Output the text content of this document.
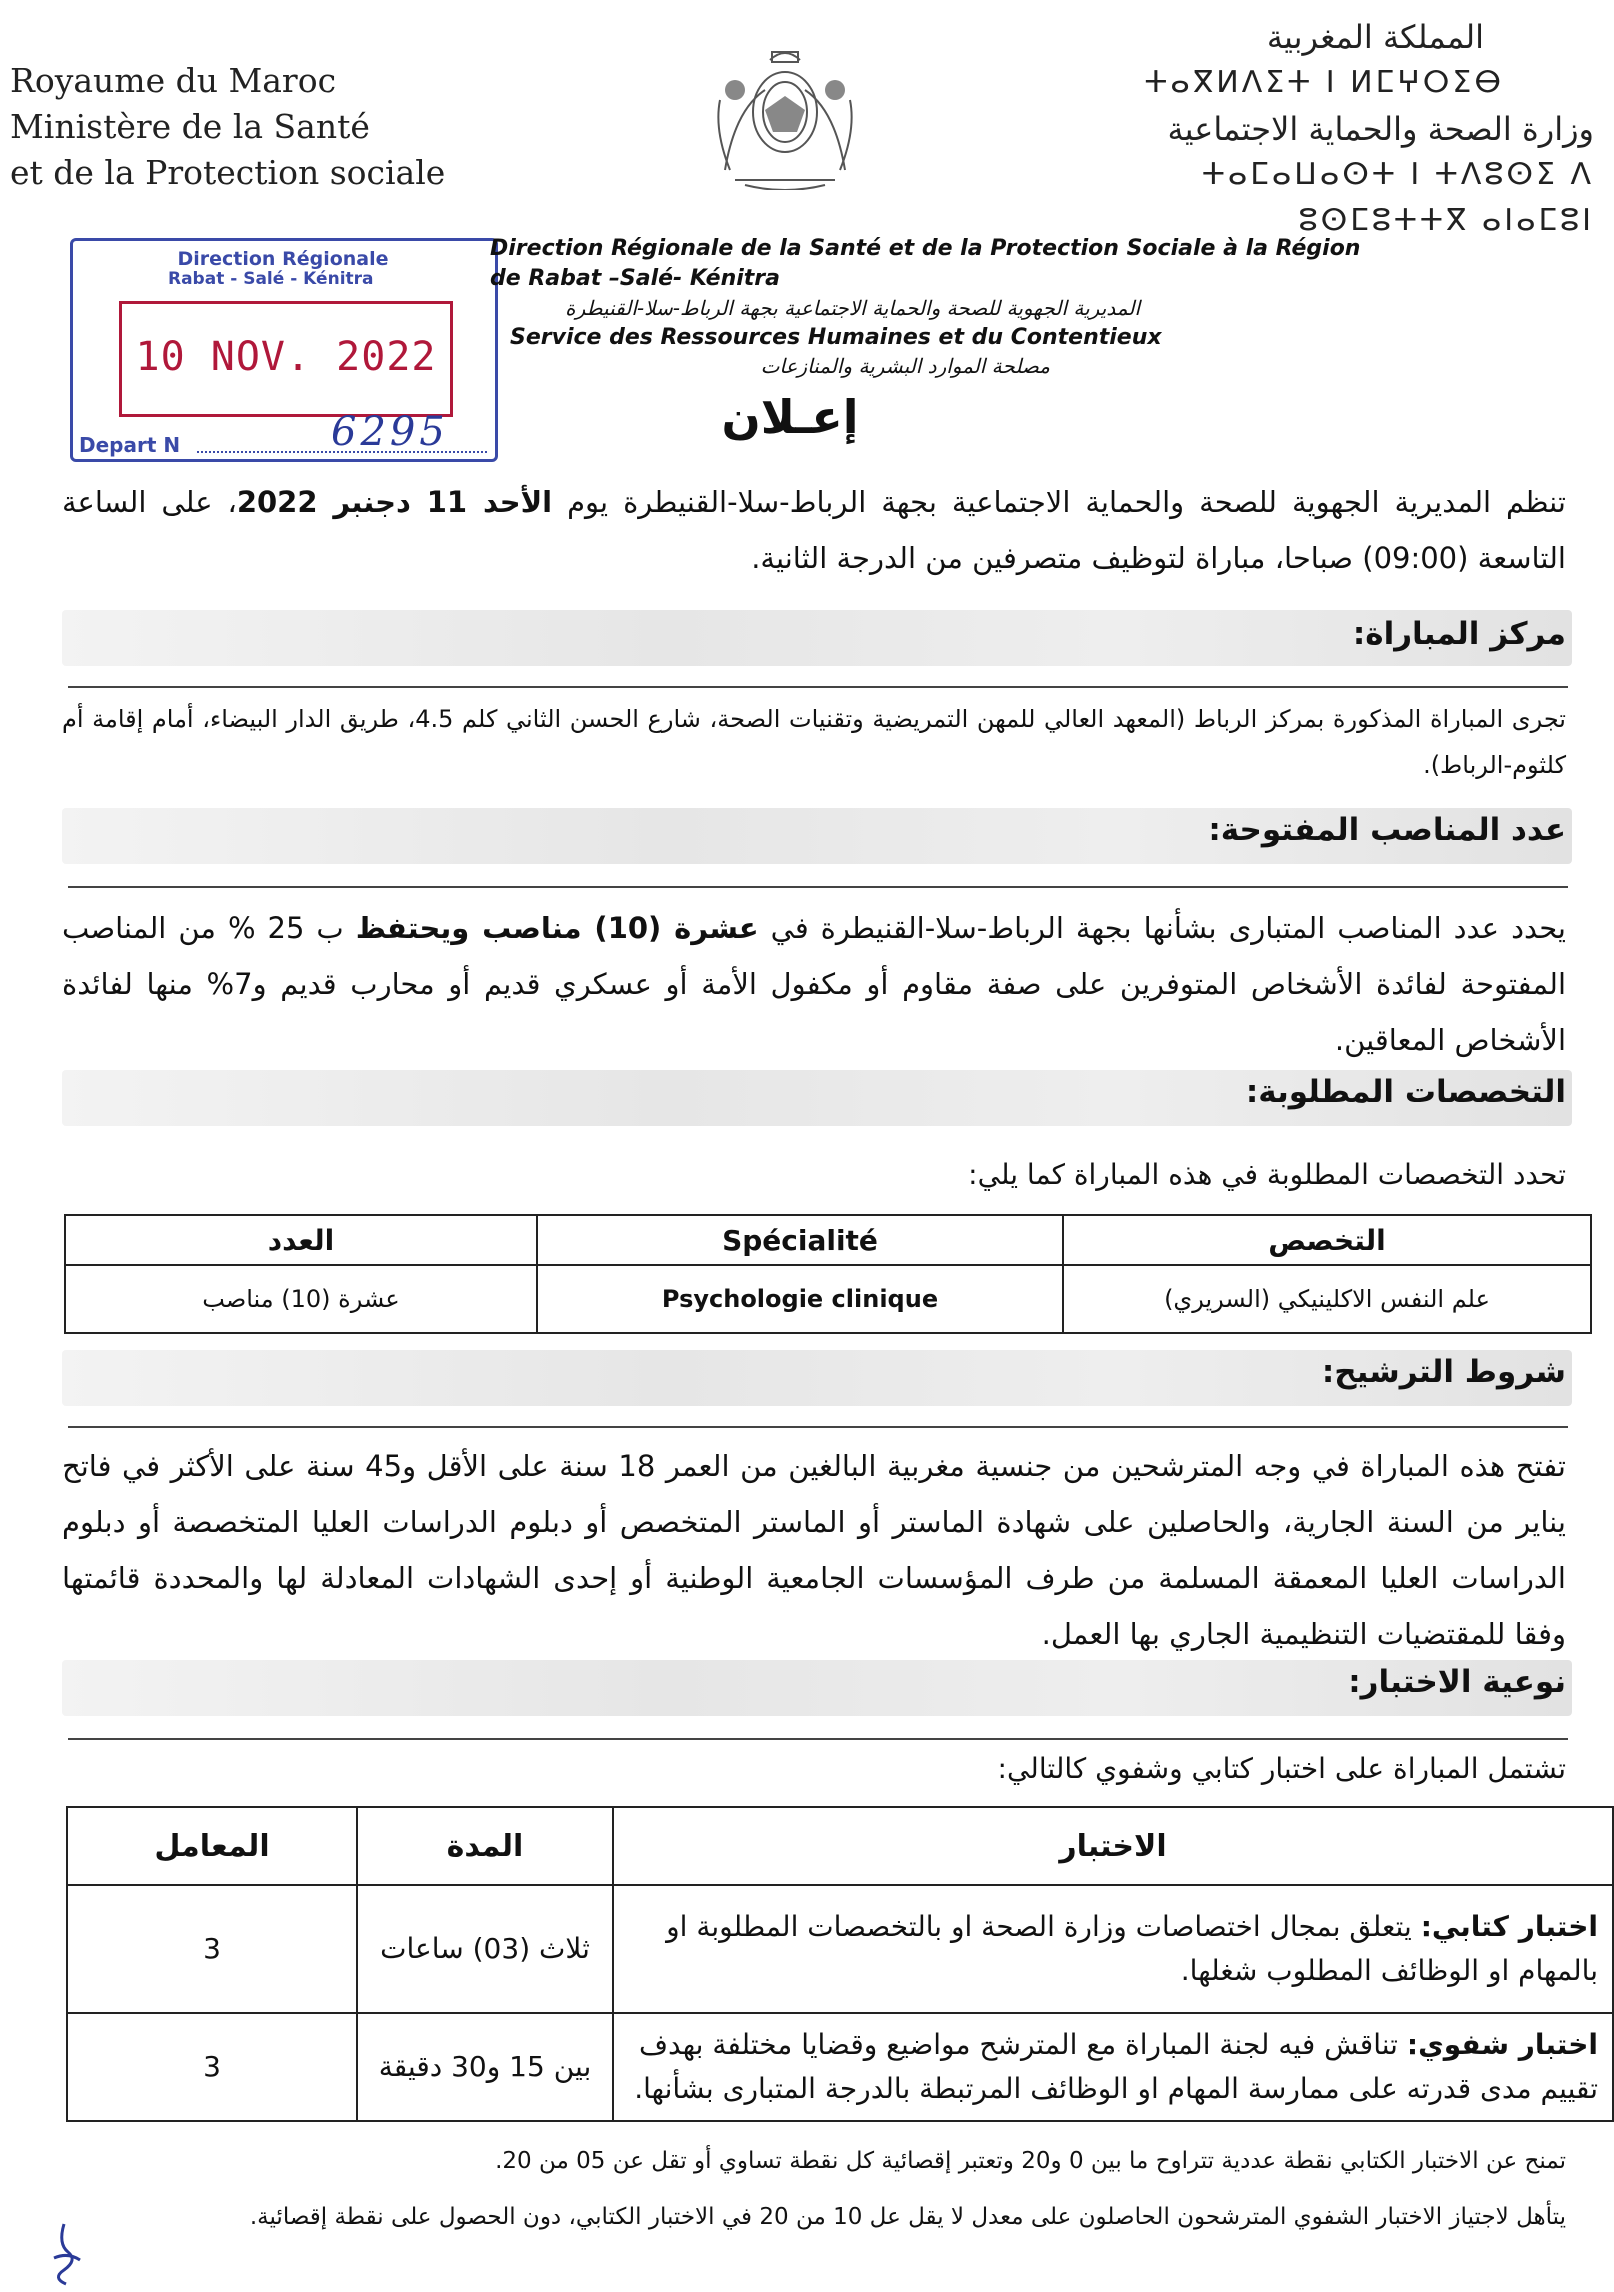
Royaume du Maroc
Ministère de la Santé
et de la Protection sociale
المملكة المغربية
ⵜⴰⴳⵍⴷⵉⵜ ⵏ ⵍⵎⵖⵔⵉⴱ
وزارة الصحة والحماية الاجتماعية
ⵜⴰⵎⴰⵡⴰⵙⵜ ⵏ ⵜⴷⵓⵙⵉ ⴷ ⵓⵙⵎⵓⵜⵜⴳ ⴰⵏⴰⵎⵓⵏ
Direction Régionale
Rabat - Salé - Kénitra
10 NOV. 2022
Depart N	6295
Direction Régionale de la Santé et de la Protection Sociale à la Région de Rabat –Salé- Kénitra
المديرية الجهوية للصحة والحماية الاجتماعية بجهة الرباط-سلا-القنيطرة
Service des Ressources Humaines et du Contentieux
مصلحة الموارد البشرية والمنازعات
إعـلان
تنظم المديرية الجهوية للصحة والحماية الاجتماعية بجهة الرباط-سلا-القنيطرة يوم الأحد 11 دجنبر 2022، على الساعة التاسعة (09:00) صباحا، مباراة لتوظيف متصرفين من الدرجة الثانية.
مركز المباراة:
تجرى المباراة المذكورة بمركز الرباط (المعهد العالي للمهن التمريضية وتقنيات الصحة، شارع الحسن الثاني كلم 4.5، طريق الدار البيضاء، أمام إقامة أم كلثوم-الرباط).
عدد المناصب المفتوحة:
يحدد عدد المناصب المتبارى بشأنها بجهة الرباط-سلا-القنيطرة في عشرة (10) مناصب ويحتفظ ب 25 % من المناصب المفتوحة لفائدة الأشخاص المتوفرين على صفة مقاوم أو مكفول الأمة أو عسكري قديم أو محارب قديم و7% منها لفائدة الأشخاص المعاقين.
التخصصات المطلوبة:
تحدد التخصصات المطلوبة في هذه المباراة كما يلي:
التخصص	Spécialité	العدد
علم النفس الاكلينيكي (السريري)	Psychologie clinique	عشرة (10) مناصب
شروط الترشيح:
تفتح هذه المباراة في وجه المترشحين من جنسية مغربية البالغين من العمر 18 سنة على الأقل و45 سنة على الأكثر في فاتح يناير من السنة الجارية، والحاصلين على شهادة الماستر أو الماستر المتخصص أو دبلوم الدراسات العليا المتخصصة أو دبلوم الدراسات العليا المعمقة المسلمة من طرف المؤسسات الجامعية الوطنية أو إحدى الشهادات المعادلة لها والمحددة قائمتها وفقا للمقتضيات التنظيمية الجاري بها العمل.
نوعية الاختبار:
تشتمل المباراة على اختبار كتابي وشفوي كالتالي:
الاختبار	المدة	المعامل
اختبار كتابي: يتعلق بمجال اختصاصات وزارة الصحة او بالتخصصات المطلوبة او بالمهام او الوظائف المطلوب شغلها.	ثلاث (03) ساعات	3
اختبار شفوي: تناقش فيه لجنة المباراة مع المترشح مواضيع وقضايا مختلفة بهدف تقييم مدى قدرته على ممارسة المهام او الوظائف المرتبطة بالدرجة المتبارى بشأنها.	بين 15 و30 دقيقة	3
تمنح عن الاختبار الكتابي نقطة عددية تتراوح ما بين 0 و20 وتعتبر إقصائية كل نقطة تساوي أو تقل عن 05 من 20.
يتأهل لاجتياز الاختبار الشفوي المترشحون الحاصلون على معدل لا يقل عل 10 من 20 في الاختبار الكتابي، دون الحصول على نقطة إقصائية.
